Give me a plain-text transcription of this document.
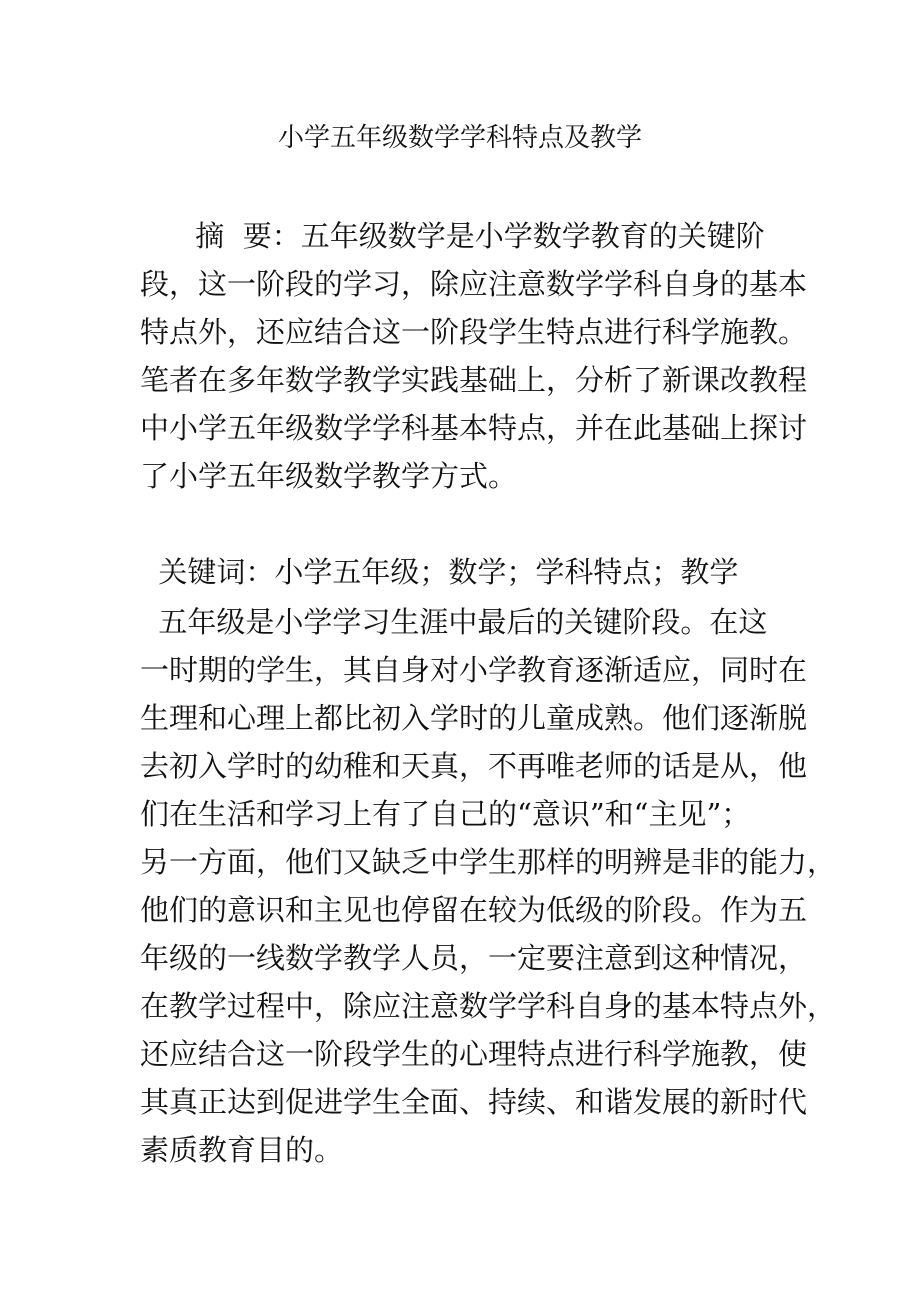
小学五年级数学学科特点及教学
摘  要：五年级数学是小学数学教育的关键阶
段，这一阶段的学习，除应注意数学学科自身的基本
特点外，还应结合这一阶段学生特点进行科学施教。
笔者在多年数学教学实践基础上，分析了新课改教程
中小学五年级数学学科基本特点，并在此基础上探讨
了小学五年级数学教学方式。
关键词：小学五年级；数学；学科特点；教学
五年级是小学学习生涯中最后的关键阶段。在这
一时期的学生，其自身对小学教育逐渐适应，同时在
生理和心理上都比初入学时的儿童成熟。他们逐渐脱
去初入学时的幼稚和天真，不再唯老师的话是从，他
们在生活和学习上有了自己的“意识”和“主见”；
另一方面，他们又缺乏中学生那样的明辨是非的能力，
他们的意识和主见也停留在较为低级的阶段。作为五
年级的一线数学教学人员，一定要注意到这种情况，
在教学过程中，除应注意数学学科自身的基本特点外，
还应结合这一阶段学生的心理特点进行科学施教，使
其真正达到促进学生全面、持续、和谐发展的新时代
素质教育目的。
